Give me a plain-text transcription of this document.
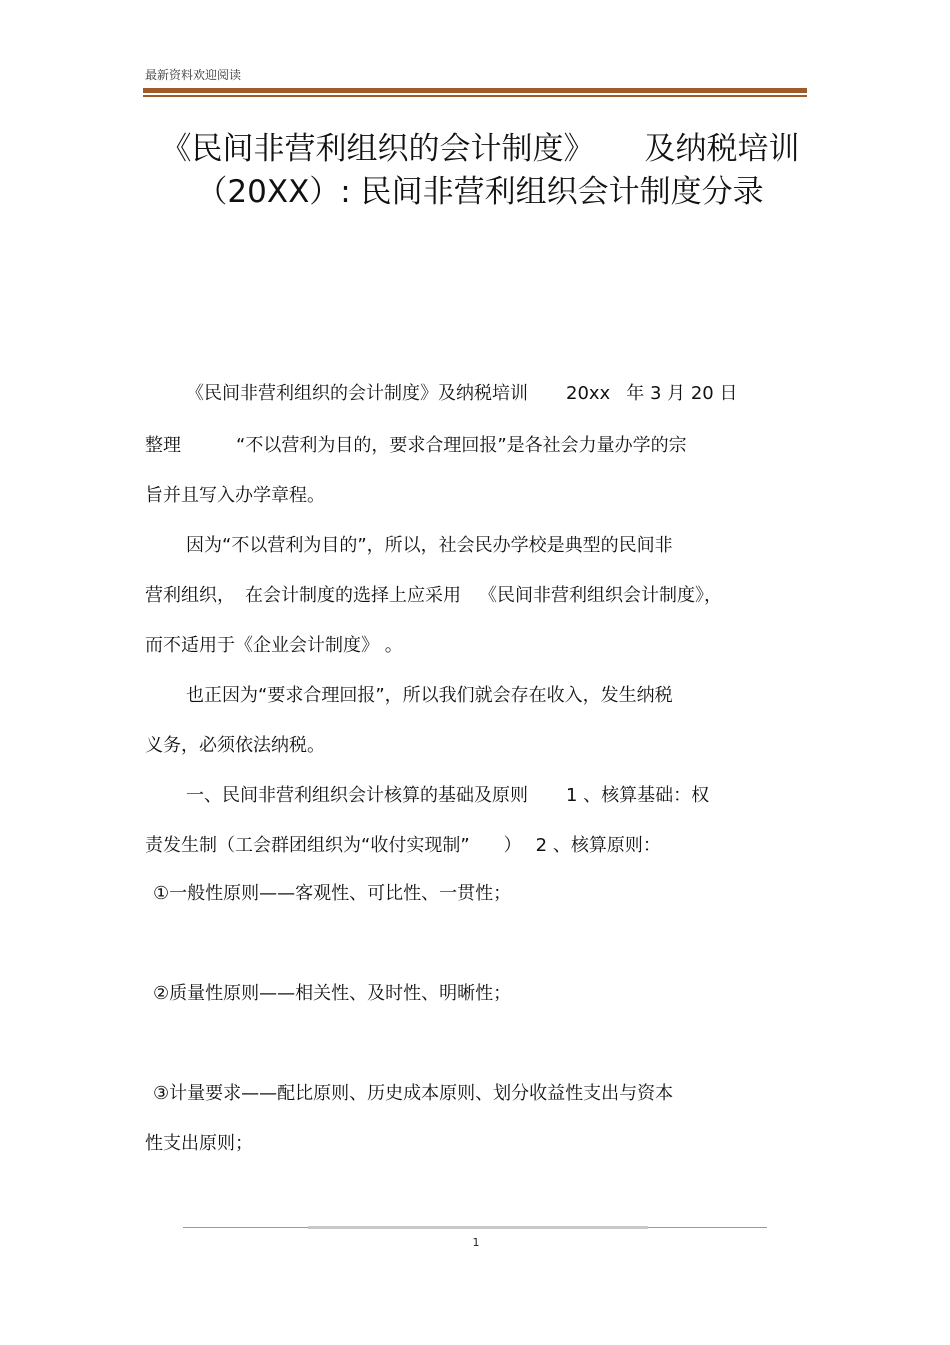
最新资料欢迎阅读
《民间非营利组织的会计制度》 及纳税培训
（20XX）: 民间非营利组织会计制度分录
《民间非营利组织的会计制度》及纳税培训 20xx 年 3 月 20 日
整理	“不以营利为目的，要求合理回报”是各社会力量办学的宗
旨并且写入办学章程。
因为“不以营利为目的”，所以，社会民办学校是典型的民间非
营利组织， 在会计制度的选择上应采用 《民间非营利组织会计制度》，
而不适用于《企业会计制度》 。
也正因为“要求合理回报”，所以我们就会存在收入，发生纳税
义务，必须依法纳税。
一、民间非营利组织会计核算的基础及原则 1 、核算基础：权
责发生制（工会群团组织为“收付实现制” ） 2 、核算原则：
①一般性原则——客观性、可比性、一贯性；
②质量性原则——相关性、及时性、明晰性；
③计量要求——配比原则、历史成本原则、划分收益性支出与资本
性支出原则；
1
